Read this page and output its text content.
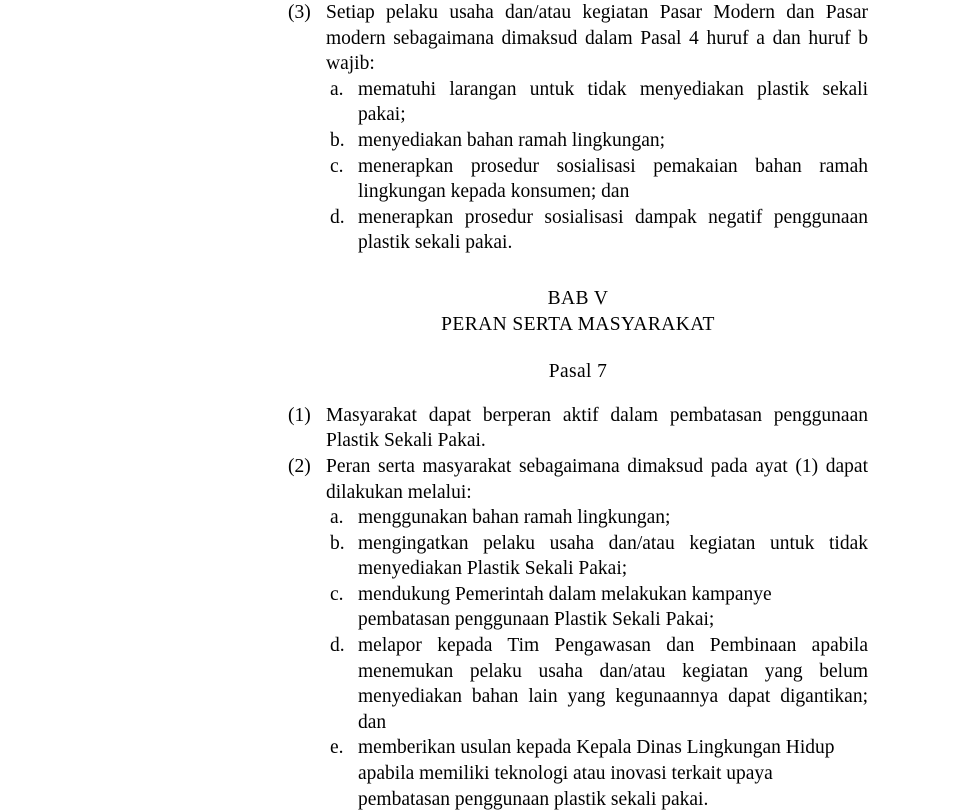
(3) Setiap pelaku usaha dan/atau kegiatan Pasar Modern dan Pasar modern sebagaimana dimaksud dalam Pasal 4 huruf a dan huruf b wajib:
a. mematuhi larangan untuk tidak menyediakan plastik sekali pakai;
b. menyediakan bahan ramah lingkungan;
c. menerapkan prosedur sosialisasi pemakaian bahan ramah lingkungan kepada konsumen; dan
d. menerapkan prosedur sosialisasi dampak negatif penggunaan plastik sekali pakai.
BAB V
PERAN SERTA MASYARAKAT
Pasal 7
(1) Masyarakat dapat berperan aktif dalam pembatasan penggunaan Plastik Sekali Pakai.
(2) Peran serta masyarakat sebagaimana dimaksud pada ayat (1) dapat dilakukan melalui:
a. menggunakan bahan ramah lingkungan;
b. mengingatkan pelaku usaha dan/atau kegiatan untuk tidak menyediakan Plastik Sekali Pakai;
c. mendukung Pemerintah dalam melakukan kampanye pembatasan penggunaan Plastik Sekali Pakai;
d. melapor kepada Tim Pengawasan dan Pembinaan apabila menemukan pelaku usaha dan/atau kegiatan yang belum menyediakan bahan lain yang kegunaannya dapat digantikan; dan
e. memberikan usulan kepada Kepala Dinas Lingkungan Hidup apabila memiliki teknologi atau inovasi terkait upaya pembatasan penggunaan plastik sekali pakai.
